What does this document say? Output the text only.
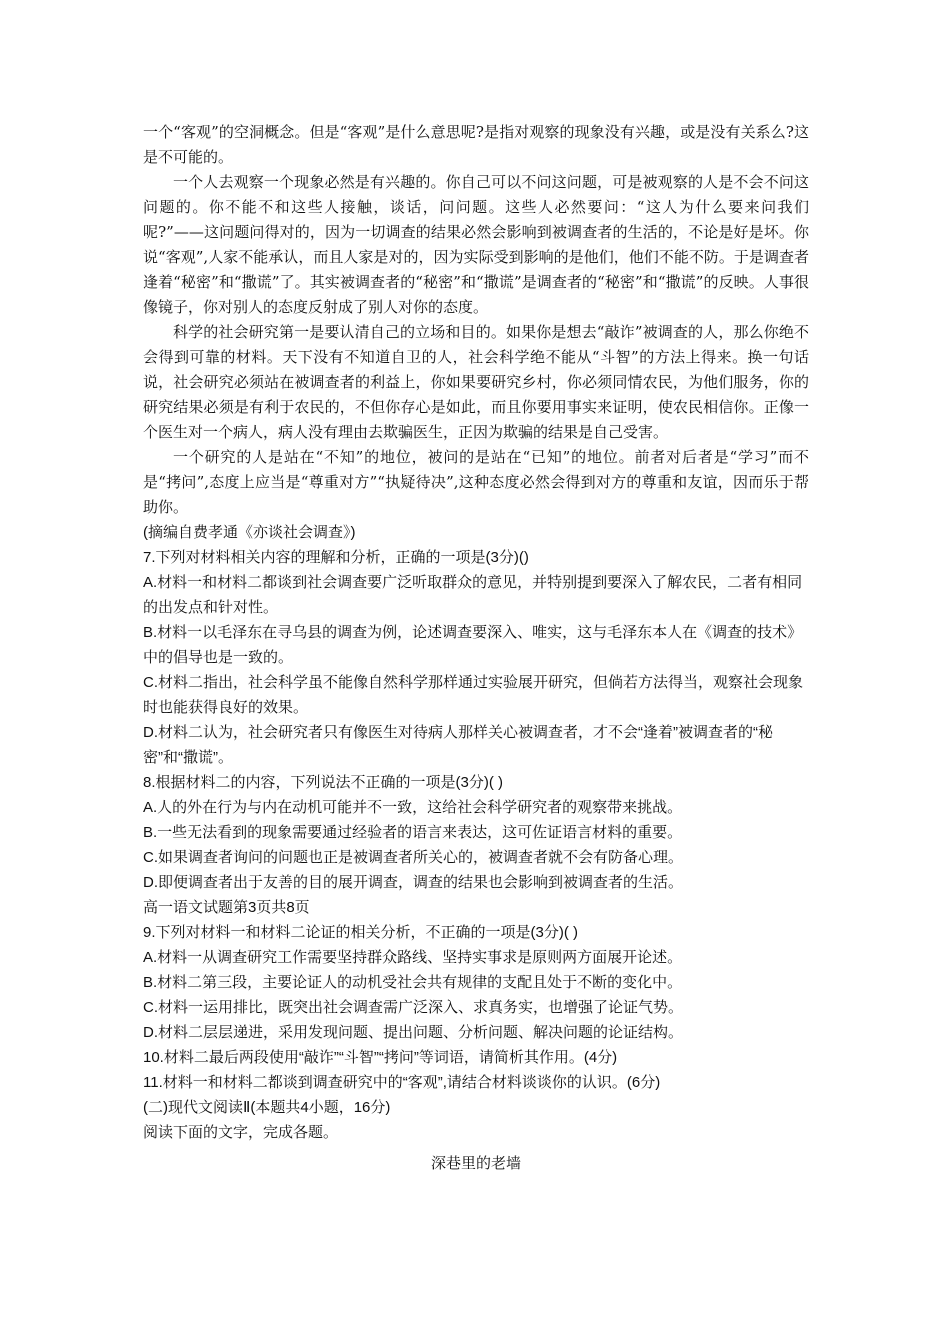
一个“客观”的空洞概念。但是“客观”是什么意思呢?是指对观察的现象没有兴趣，或是没有关系么?这是不可能的。

一个人去观察一个现象必然是有兴趣的。你自己可以不问这问题，可是被观察的人是不会不问这问题的。你不能不和这些人接触，谈话，问问题。这些人必然要问：“这人为什么要来问我们呢?”——这问题问得对的，因为一切调查的结果必然会影响到被调查者的生活的，不论是好是坏。你说“客观”,人家不能承认，而且人家是对的，因为实际受到影响的是他们，他们不能不防。于是调查者逢着“秘密”和“撒谎”了。其实被调查者的“秘密”和“撒谎”是调查者的“秘密”和“撒谎”的反映。人事很像镜子，你对别人的态度反射成了别人对你的态度。

科学的社会研究第一是要认清自己的立场和目的。如果你是想去“敲诈”被调查的人，那么你绝不会得到可靠的材料。天下没有不知道自卫的人，社会科学绝不能从“斗智”的方法上得来。换一句话说，社会研究必须站在被调查者的利益上，你如果要研究乡村，你必须同情农民，为他们服务，你的研究结果必须是有利于农民的，不但你存心是如此，而且你要用事实来证明，使农民相信你。正像一个医生对一个病人，病人没有理由去欺骗医生，正因为欺骗的结果是自己受害。

一个研究的人是站在“不知”的地位，被问的是站在“已知”的地位。前者对后者是“学习”而不是“拷问”,态度上应当是“尊重对方”“执疑待决”,这种态度必然会得到对方的尊重和友谊，因而乐于帮助你。

(摘编自费孝通《亦谈社会调查》)

7.下列对材料相关内容的理解和分析，正确的一项是(3分)()

A.材料一和材料二都谈到社会调查要广泛听取群众的意见，并特别提到要深入了解农民，二者有相同的出发点和针对性。

B.材料一以毛泽东在寻乌县的调查为例，论述调查要深入、唯实，这与毛泽东本人在《调查的技术》中的倡导也是一致的。

C.材料二指出，社会科学虽不能像自然科学那样通过实验展开研究，但倘若方法得当，观察社会现象时也能获得良好的效果。

D.材料二认为，社会研究者只有像医生对待病人那样关心被调查者，才不会“逢着”被调查者的“秘密”和“撒谎”。

8.根据材料二的内容，下列说法不正确的一项是(3分)( )

A.人的外在行为与内在动机可能并不一致，这给社会科学研究者的观察带来挑战。

B.一些无法看到的现象需要通过经验者的语言来表达，这可佐证语言材料的重要。

C.如果调查者询问的问题也正是被调查者所关心的，被调查者就不会有防备心理。

D.即便调查者出于友善的目的展开调查，调查的结果也会影响到被调查者的生活。

高一语文试题第3页共8页

9.下列对材料一和材料二论证的相关分析，不正确的一项是(3分)( )

A.材料一从调查研究工作需要坚持群众路线、坚持实事求是原则两方面展开论述。

B.材料二第三段，主要论证人的动机受社会共有规律的支配且处于不断的变化中。

C.材料一运用排比，既突出社会调查需广泛深入、求真务实，也增强了论证气势。

D.材料二层层递进，采用发现问题、提出问题、分析问题、解决问题的论证结构。

10.材料二最后两段使用“敲诈”“斗智”“拷问”等词语，请简析其作用。(4分)

11.材料一和材料二都谈到调查研究中的“客观”,请结合材料谈谈你的认识。(6分)

(二)现代文阅读Ⅱ(本题共4小题，16分)

阅读下面的文字，完成各题。

深巷里的老墙
